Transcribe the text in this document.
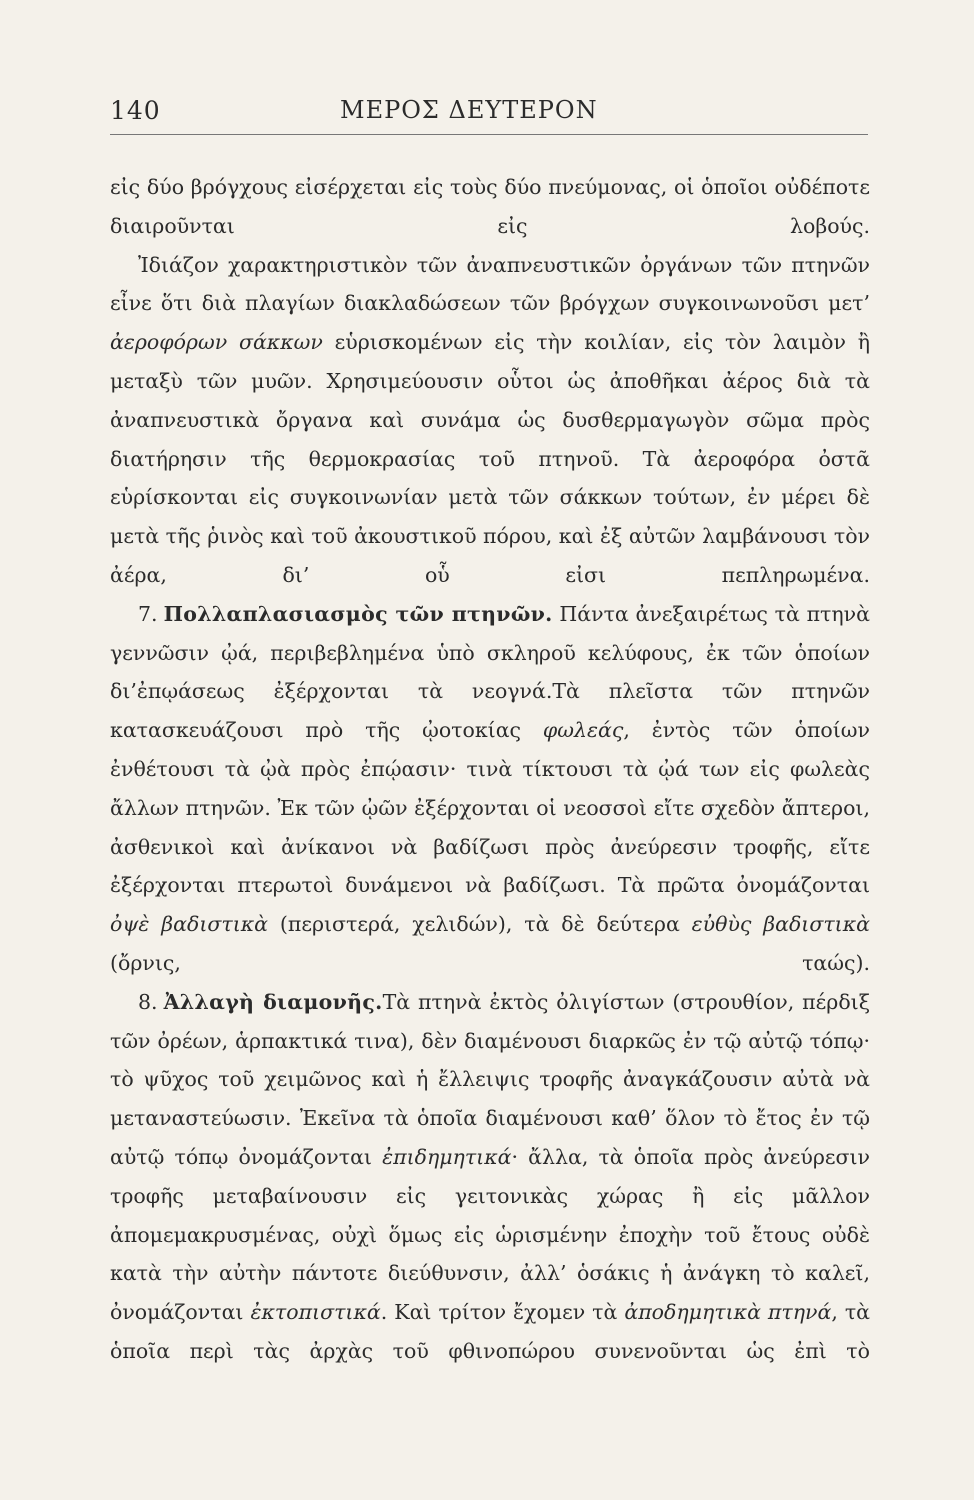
140	ΜΕΡΟΣ ΔΕΥΤΕΡΟΝ

εἰς δύο βρόγχους εἰσέρχεται εἰς τοὺς δύο πνεύμονας, οἱ ὁποῖοι οὐδέποτε διαιροῦνται εἰς λοβούς.

Ἰδιάζον χαρακτηριστικὸν τῶν ἀναπνευστικῶν ὀργάνων τῶν πτηνῶν εἶνε ὅτι διὰ πλαγίων διακλαδώσεων τῶν βρόγχων συγκοινωνοῦσι μετ’ ἀεροφόρων σάκκων εὑρισκομένων εἰς τὴν κοιλίαν, εἰς τὸν λαιμὸν ἢ μεταξὺ τῶν μυῶν. Χρησιμεύουσιν οὗτοι ὡς ἀποθῆκαι ἀέρος διὰ τὰ ἀναπνευστικὰ ὄργανα καὶ συνάμα ὡς δυσθερμαγωγὸν σῶμα πρὸς διατήρησιν τῆς θερμοκρασίας τοῦ πτηνοῦ. Τὰ ἀεροφόρα ὀστᾶ εὑρίσκονται εἰς συγκοινωνίαν μετὰ τῶν σάκκων τούτων, ἐν μέρει δὲ μετὰ τῆς ῥινὸς καὶ τοῦ ἀκουστικοῦ πόρου, καὶ ἐξ αὐτῶν λαμβάνουσι τὸν ἀέρα, δι’ οὗ εἰσι πεπληρωμένα.

7. Πολλαπλασιασμὸς τῶν πτηνῶν. Πάντα ἀνεξαιρέτως τὰ πτηνὰ γεννῶσιν ᾠά, περιβεβλημένα ὑπὸ σκληροῦ κελύφους, ἐκ τῶν ὁποίων δι’ἐπῳάσεως ἐξέρχονται τὰ νεογνά.Τὰ πλεῖστα τῶν πτηνῶν κατασκευάζουσι πρὸ τῆς ᾠοτοκίας φωλεάς, ἐντὸς τῶν ὁποίων ἐνθέτουσι τὰ ᾠὰ πρὸς ἐπῴασιν· τινὰ τίκτουσι τὰ ᾠά των εἰς φωλεὰς ἄλλων πτηνῶν. Ἐκ τῶν ᾠῶν ἐξέρχονται οἱ νεοσσοὶ εἴτε σχεδὸν ἄπτεροι, ἀσθενικοὶ καὶ ἀνίκανοι νὰ βαδίζωσι πρὸς ἀνεύρεσιν τροφῆς, εἴτε ἐξέρχονται πτερωτοὶ δυνάμενοι νὰ βαδίζωσι. Τὰ πρῶτα ὀνομάζονται ὀψὲ βαδιστικὰ (περιστερά, χελιδών), τὰ δὲ δεύτερα εὐθὺς βαδιστικὰ (ὄρνις, ταώς).

8. Ἀλλαγὴ διαμονῆς.Τὰ πτηνὰ ἐκτὸς ὀλιγίστων (στρουθίον, πέρδιξ τῶν ὀρέων, ἁρπακτικά τινα), δὲν διαμένουσι διαρκῶς ἐν τῷ αὐτῷ τόπῳ· τὸ ψῦχος τοῦ χειμῶνος καὶ ἡ ἔλλειψις τροφῆς ἀναγκάζουσιν αὐτὰ νὰ μεταναστεύωσιν. Ἐκεῖνα τὰ ὁποῖα διαμένουσι καθ’ ὅλον τὸ ἔτος ἐν τῷ αὐτῷ τόπῳ ὀνομάζονται ἐπιδημητικά· ἄλλα, τὰ ὁποῖα πρὸς ἀνεύρεσιν τροφῆς μεταβαίνουσιν εἰς γειτονικὰς χώρας ἢ εἰς μᾶλλον ἀπομεμακρυσμένας, οὐχὶ ὅμως εἰς ὡρισμένην ἐποχὴν τοῦ ἔτους οὐδὲ κατὰ τὴν αὐτὴν πάντοτε διεύθυνσιν, ἀλλ’ ὁσάκις ἡ ἀνάγκη τὸ καλεῖ, ὀνομάζονται ἐκτοπιστικά. Καὶ τρίτον ἔχομεν τὰ ἀποδημητικὰ πτηνά, τὰ ὁποῖα περὶ τὰς ἀρχὰς τοῦ φθινοπώρου συνενοῦνται ὡς ἐπὶ τὸ
